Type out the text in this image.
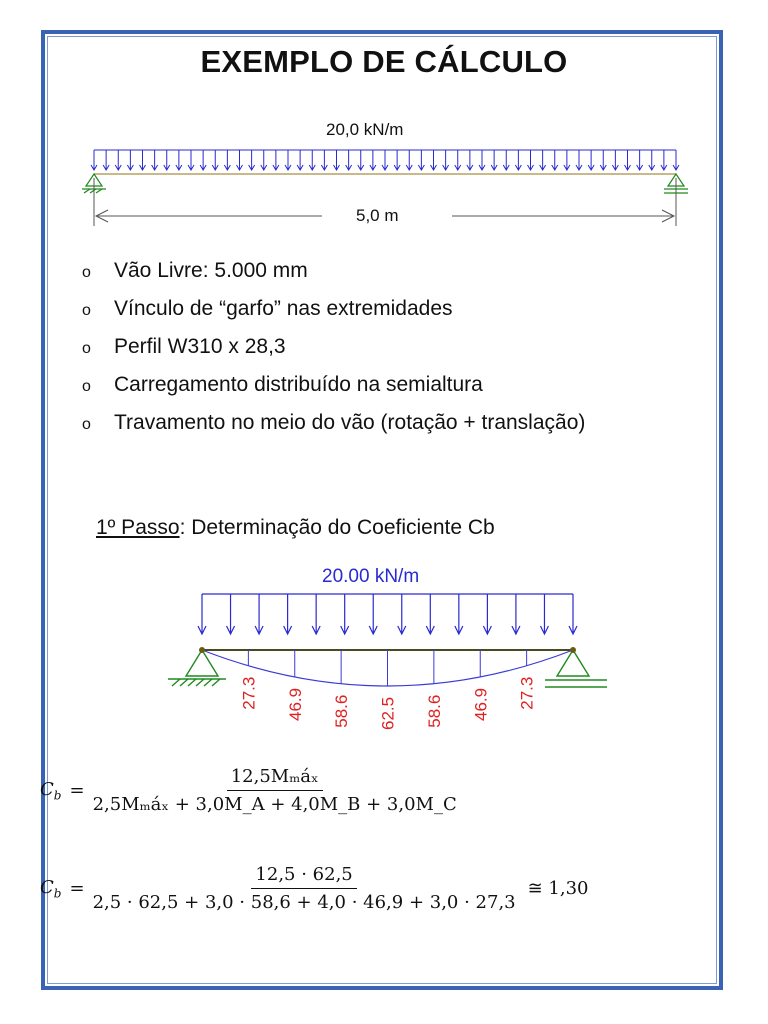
EXEMPLO DE CÁLCULO
20,0 kN/m
5,0 m
o Vão Livre: 5.000 mm
o Vínculo de “garfo” nas extremidades
o Perfil W310 x 28,3
o Carregamento distribuído na semialtura
o Travamento no meio do vão (rotação + translação)
1º Passo: Determinação do Coeficiente Cb
20.00 kN/m
27.3 46.9 58.6 62.5 58.6 46.9 27.3
$C_b = \frac{\text{12,5Mₘáₓ}}{\text{2,5Mₘáₓ + 3,0M\_A + 4,0M\_B + 3,0M\_C}}$
$C_b = \frac{12,5 \cdot 62,5}{2,5 \cdot 62,5 + 3,0 \cdot 58,6 + 4,0 \cdot 46,9 + 3,0 \cdot 27,3}$ ≅ 1,30
